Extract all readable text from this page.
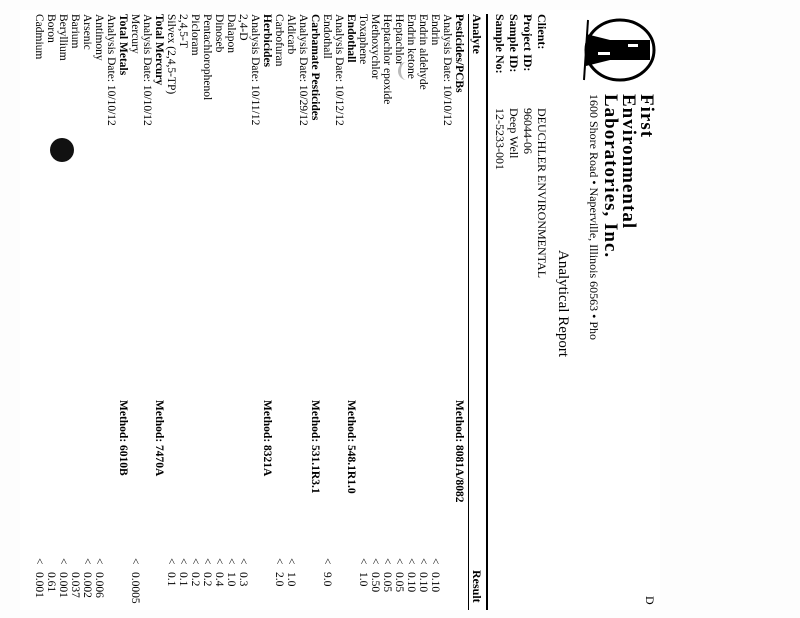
First
Environmental
Laboratories, Inc.
1600 Shore Road • Naperville, Illinois 60563 • Pho
D
Analytical Report
Client:
DEUCHLER ENVIRONMENTAL
Project ID:
96044-06
Sample ID:
Deep Well
Sample No:
12-5233-001
Analyte
Result
Pesticides/PCBs
Method: 8081A/8082
Analysis Date: 10/10/12
Endrin
<
0.10
Endrin aldehyde
<
0.10
Endrin ketone
<
0.10
Heptachlor
<
0.05
Heptachlor epoxide
<
0.05
Methoxychlor
<
0.50
Toxaphene
<
1.0
Endothall
Method: 548.1R1.0
Analysis Date: 10/12/12
Endothall
<
9.0
Carbamate Pesticides
Method: 531.1R3.1
Analysis Date: 10/29/12
Aldicarb
<
1.0
Carbofuran
<
2.0
Herbicides
Method: 8321A
Analysis Date: 10/11/12
2,4-D
<
0.3
Dalapon
<
1.0
Dinoseb
<
0.4
Pentachlorophenol
<
0.2
Picloram
<
0.2
2,4,5-T
<
0.1
Silvex (2,4,5-TP)
<
0.1
Total Mercury
Method: 7470A
Analysis Date: 10/10/12
Mercury
<
0.0005
Total Metals
Method: 6010B
Analysis Date: 10/10/12
Antimony
<
0.006
Arsenic
<
0.002
Barium
0.037
Beryllium
<
0.001
Boron
0.61
Cadmium
<
0.001
